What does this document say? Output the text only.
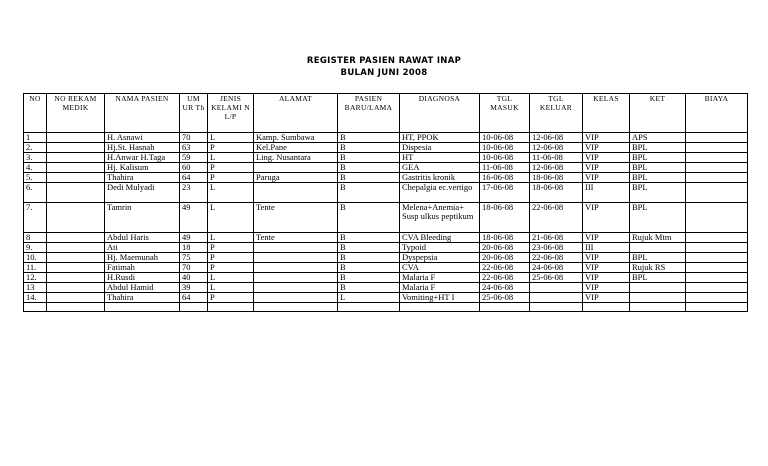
REGISTER PASIEN RAWAT INAP
BULAN JUNI 2008
NO	NO REKAM MEDIK	NAMA PASIEN	UM UR Th	JENIS KELAMI N L/P	ALAMAT	PASIEN BARU/LAMA	DIAGNOSA	TGL MASUK	TGL KELUAR	KELAS	KET	BIAYA
1		H. Asnawi	70	L	Kamp. Sumbawa	B	HT, PPOK	10-06-08	12-06-08	VIP	APS	
2.		Hj.St. Hasnah	63	P	Kel.Pane	B	Dispesia	10-06-08	12-06-08	VIP	BPL	
3.		H.Anwar H.Taga	59	L	Ling. Nusantara	B	HT	10-06-08	11-06-08	VIP	BPL	
4.		Hj. Kalisum	60	P		B	GEA	11-06-08	12-06-08	VIP	BPL	
5.		Thahira	64	P	Paruga	B	Gastritis kronik	16-06-08	18-06-08	VIP	BPL	
6.		Dedi Mulyadi	23	L		B	Chepalgia ec.vertigo	17-06-08	18-06-08	III	BPL	
7.		Tamrin	49	L	Tente	B	Melena+Anemia+ Susp ulkus peptikum	18-06-08	22-06-08	VIP	BPL	
8		Abdul Haris	49	L	Tente	B	CVA Bleeding	18-06-08	21-06-08	VIP	Rujuk Mtm	
9.		Ati	18	P		B	Typoid	20-06-08	23-06-08	III		
10.		Hj. Maemunah	75	P		B	Dyspepsia	20-06-08	22-06-08	VIP	BPL	
11.		Fatimah	70	P		B	CVA	22-06-08	24-06-08	VIP	Rujuk RS	
12.		H.Rusdi	40	L		B	Malaria F	22-06-08	25-06-08	VIP	BPL	
13		Abdul Hamid	39	L		B	Malaria F	24-06-08		VIP		
14.		Thahira	64	P		L	Vomiting+HT I	25-06-08		VIP		
